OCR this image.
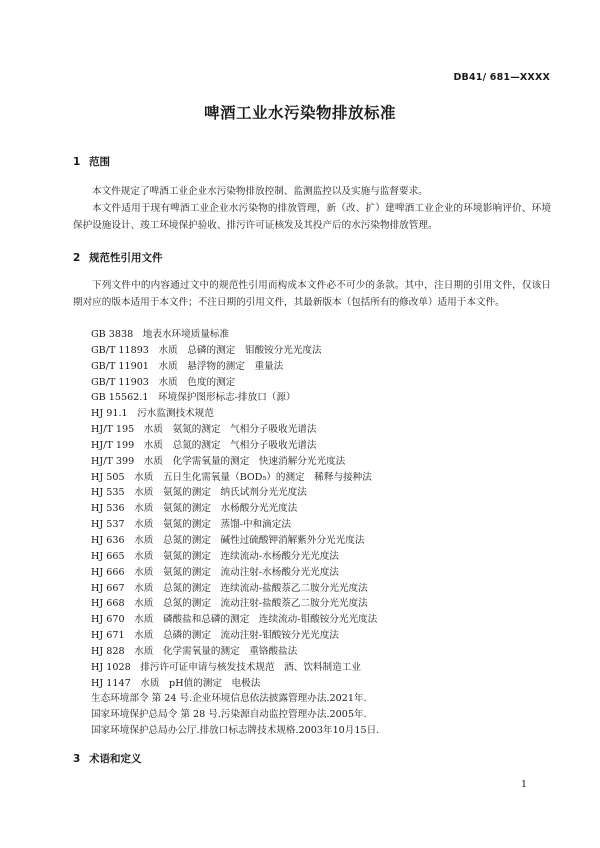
DB41/ 681—XXXX
啤酒工业水污染物排放标准
1 范围
本文件规定了啤酒工业企业水污染物排放控制、监测监控以及实施与监督要求。
本文件适用于现有啤酒工业企业水污染物的排放管理，新（改、扩）建啤酒工业企业的环境影响评价、环境保护设施设计、竣工环境保护验收、排污许可证核发及其投产后的水污染物排放管理。
2 规范性引用文件
下列文件中的内容通过文中的规范性引用而构成本文件必不可少的条款。其中，注日期的引用文件，仅该日期对应的版本适用于本文件；不注日期的引用文件，其最新版本（包括所有的修改单）适用于本文件。
GB 3838　地表水环境质量标准
GB/T 11893　水质　总磷的测定　钼酸铵分光光度法
GB/T 11901　水质　悬浮物的测定　重量法
GB/T 11903　水质　色度的测定
GB 15562.1　环境保护图形标志-排放口（源）
HJ 91.1　污水监测技术规范
HJ/T 195　水质　氨氮的测定　气相分子吸收光谱法
HJ/T 199　水质　总氮的测定　气相分子吸收光谱法
HJ/T 399　水质　化学需氧量的测定　快速消解分光光度法
HJ 505　水质　五日生化需氧量（BOD₅）的测定　稀释与接种法
HJ 535　水质　氨氮的测定　纳氏试剂分光光度法
HJ 536　水质　氨氮的测定　水杨酸分光光度法
HJ 537　水质　氨氮的测定　蒸馏-中和滴定法
HJ 636　水质　总氮的测定　碱性过硫酸钾消解紫外分光光度法
HJ 665　水质　氨氮的测定　连续流动-水杨酸分光光度法
HJ 666　水质　氨氮的测定　流动注射-水杨酸分光光度法
HJ 667　水质　总氮的测定　连续流动-盐酸萘乙二胺分光光度法
HJ 668　水质　总氮的测定　流动注射-盐酸萘乙二胺分光光度法
HJ 670　水质　磷酸盐和总磷的测定　连续流动-钼酸铵分光光度法
HJ 671　水质　总磷的测定　流动注射-钼酸铵分光光度法
HJ 828　水质　化学需氧量的测定　重铬酸盐法
HJ 1028　排污许可证申请与核发技术规范　酒、饮料制造工业
HJ 1147　水质　pH值的测定　电极法
生态环境部令 第 24 号.企业环境信息依法披露管理办法.2021年.
国家环境保护总局令 第 28 号.污染源自动监控管理办法.2005年.
国家环境保护总局办公厅.排放口标志牌技术规格.2003年10月15日.
3 术语和定义
1
